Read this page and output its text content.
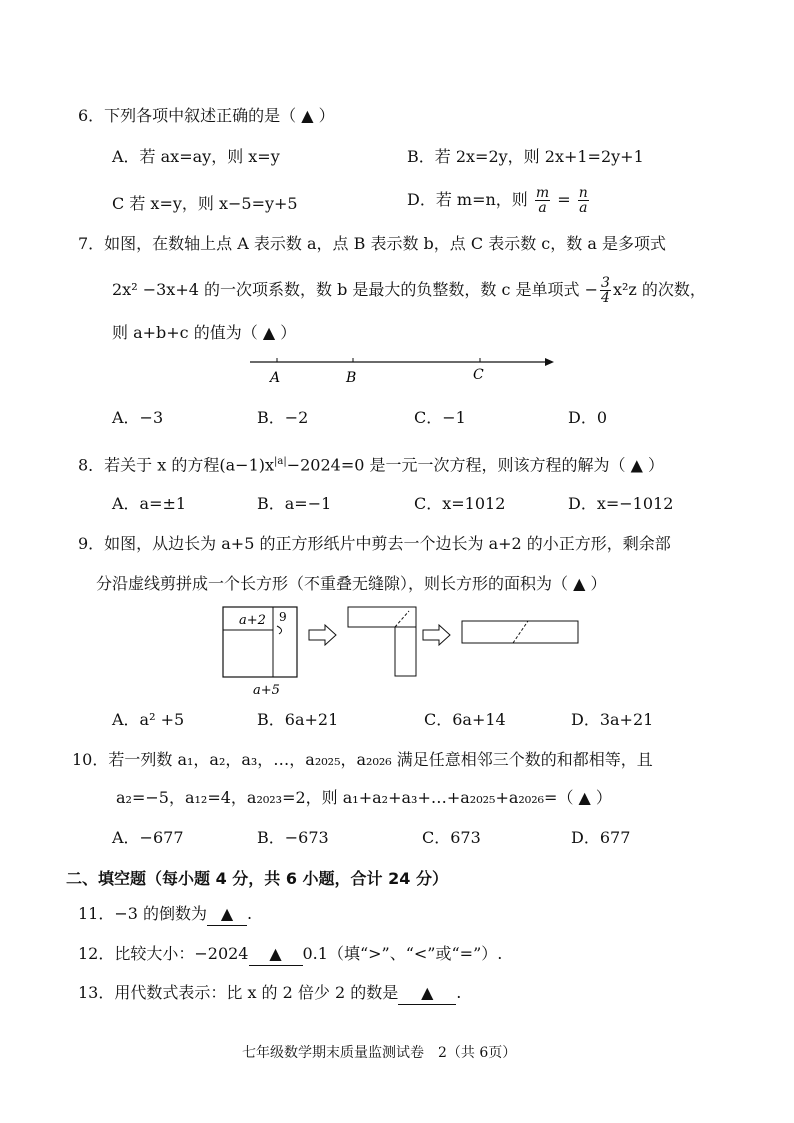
6．下列各项中叙述正确的是（ ▲ ）
A．若 ax=ay，则 x=y	B．若 2x=2y，则 2x+1=2y+1
C 若 x=y，则 x−5=y+5	D．若 m=n，则 $\frac{m}{a} = \frac{n}{a}$
7．如图，在数轴上点 A 表示数 a，点 B 表示数 b，点 C 表示数 c，数 a 是多项式
2x² −3x+4 的一次项系数，数 b 是最大的负整数，数 c 是单项式 − $\frac{3}{4} x^2z$ 的次数，
则 a+b+c 的值为（ ▲ ）
A	B	C
A．−3	B．−2	C．−1	D．0
8．若关于 x 的方程$(a-1)x^{|a|}-2024=0$ 是一元一次方程，则该方程的解为（ ▲ ）
A．a=±1	B．a=−1	C．x=1012	D．x=−1012
9．如图，从边长为 a+5 的正方形纸片中剪去一个边长为 a+2 的小正方形，剩余部
分沿虚线剪拼成一个长方形（不重叠无缝隙），则长方形的面积为（ ▲ ）
a+2 9
a+5
A．a² +5	B．6a+21	C．6a+14	D．3a+21
10．若一列数 a₁，a₂，a₃，…，a₂₀₂₅，a₂₀₂₆ 满足任意相邻三个数的和都相等，且
a₂=−5，a₁₂=4，a₂₀₂₃=2，则 a₁+a₂+a₃+…+a₂₀₂₅+a₂₀₂₆=（ ▲ ）
A．−677	B．−673	C．673	D．677
二、填空题（每小题 4 分，共 6 小题，合计 24 分）
11．−3 的倒数为 ▲ .
12．比较大小：−2024 ▲ 0.1（填“>”、“<”或“=”）.
13．用代数式表示：比 x 的 2 倍少 2 的数是 ▲ .
七年级数学期末质量监测试卷　2（共 6页）
